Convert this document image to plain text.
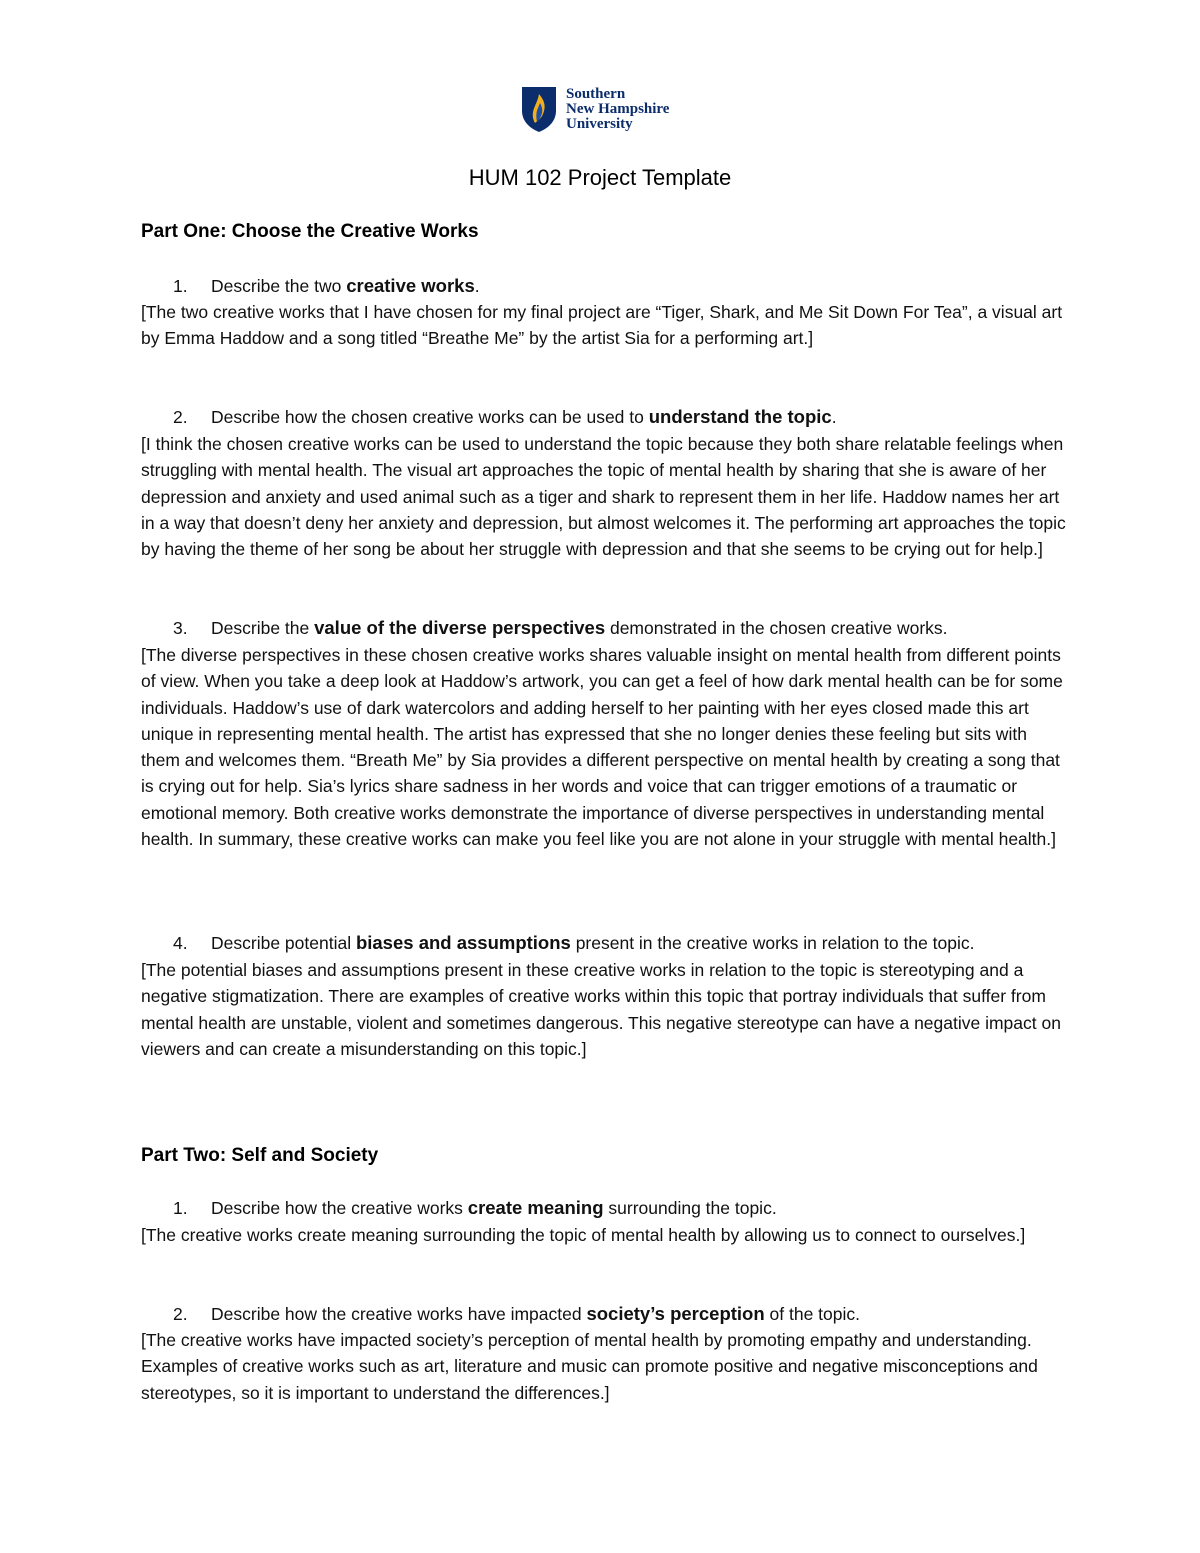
Southern
New Hampshire
University
HUM 102 Project Template
Part One: Choose the Creative Works

1. Describe the two creative works.

[The two creative works that I have chosen for my final project are “Tiger, Shark, and Me Sit Down For Tea”, a visual art by Emma Haddow and a song titled “Breathe Me” by the artist Sia for a performing art.]

2. Describe how the chosen creative works can be used to understand the topic.

[I think the chosen creative works can be used to understand the topic because they both share relatable feelings when struggling with mental health. The visual art approaches the topic of mental health by sharing that she is aware of her depression and anxiety and used animal such as a tiger and shark to represent them in her life. Haddow names her art in a way that doesn’t deny her anxiety and depression, but almost welcomes it. The performing art approaches the topic by having the theme of her song be about her struggle with depression and that she seems to be crying out for help.]

3. Describe the value of the diverse perspectives demonstrated in the chosen creative works.

[The diverse perspectives in these chosen creative works shares valuable insight on mental health from different points of view. When you take a deep look at Haddow’s artwork, you can get a feel of how dark mental health can be for some individuals. Haddow’s use of dark watercolors and adding herself to her painting with her eyes closed made this art unique in representing mental health. The artist has expressed that she no longer denies these feeling but sits with them and welcomes them. “Breath Me” by Sia provides a different perspective on mental health by creating a song that is crying out for help. Sia’s lyrics share sadness in her words and voice that can trigger emotions of a traumatic or emotional memory. Both creative works demonstrate the importance of diverse perspectives in understanding mental health. In summary, these creative works can make you feel like you are not alone in your struggle with mental health.]

4. Describe potential biases and assumptions present in the creative works in relation to the topic.

[The potential biases and assumptions present in these creative works in relation to the topic is stereotyping and a negative stigmatization. There are examples of creative works within this topic that portray individuals that suffer from mental health are unstable, violent and sometimes dangerous. This negative stereotype can have a negative impact on viewers and can create a misunderstanding on this topic.]

Part Two: Self and Society

1. Describe how the creative works create meaning surrounding the topic.

[The creative works create meaning surrounding the topic of mental health by allowing us to connect to ourselves.]

2. Describe how the creative works have impacted society’s perception of the topic.

[The creative works have impacted society’s perception of mental health by promoting empathy and understanding. Examples of creative works such as art, literature and music can promote positive and negative misconceptions and stereotypes, so it is important to understand the differences.]
